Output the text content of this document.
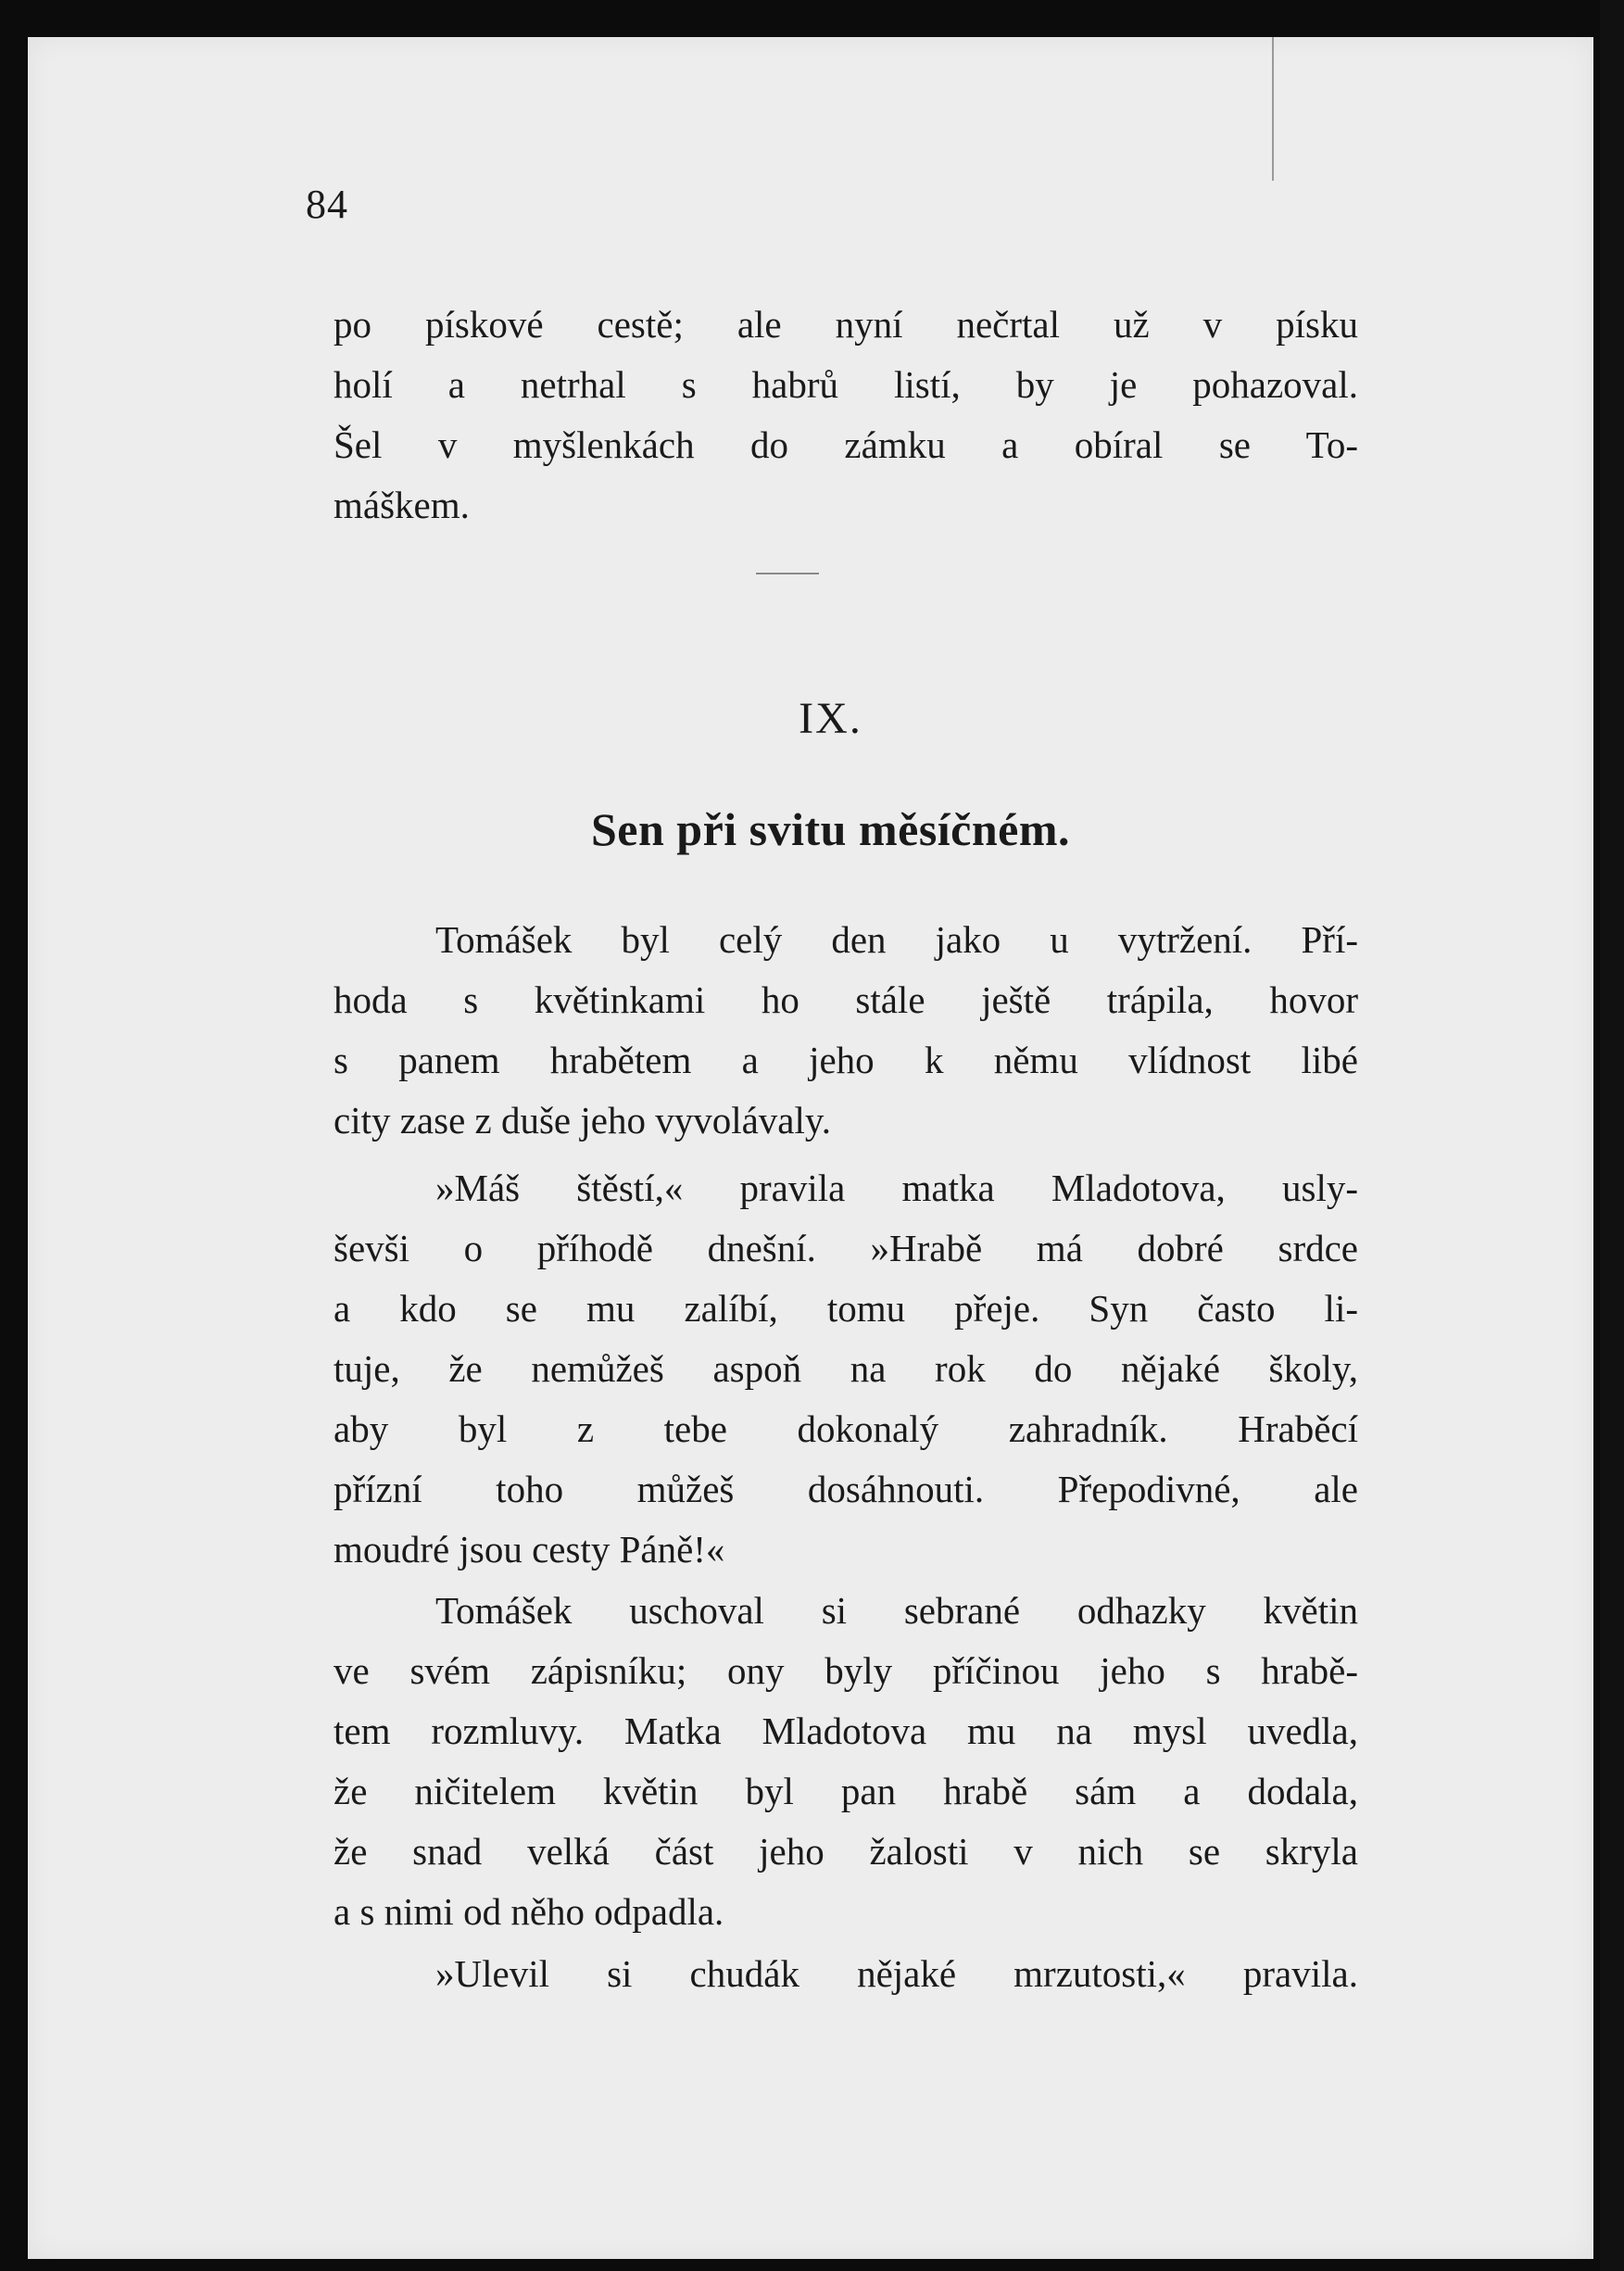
84
po pískové cestě; ale nyní nečrtal už v písku
holí a netrhal s habrů listí, by je pohazoval.
Šel v myšlenkách do zámku a obíral se To-
máškem.
IX.
Sen při svitu měsíčném.
Tomášek byl celý den jako u vytržení. Pří-
hoda s květinkami ho stále ještě trápila, hovor
s panem hrabětem a jeho k němu vlídnost libé
city zase z duše jeho vyvolávaly.
»Máš štěstí,« pravila matka Mladotova, usly-
ševši o příhodě dnešní. »Hrabě má dobré srdce
a kdo se mu zalíbí, tomu přeje. Syn často li-
tuje, že nemůžeš aspoň na rok do nějaké školy,
aby byl z tebe dokonalý zahradník. Hraběcí
přízní toho můžeš dosáhnouti. Přepodivné, ale
moudré jsou cesty Páně!«
Tomášek uschoval si sebrané odhazky květin
ve svém zápisníku; ony byly příčinou jeho s hrabě-
tem rozmluvy. Matka Mladotova mu na mysl uvedla,
že ničitelem květin byl pan hrabě sám a dodala,
že snad velká část jeho žalosti v nich se skryla
a s nimi od něho odpadla.
»Ulevil si chudák nějaké mrzutosti,« pravila.
